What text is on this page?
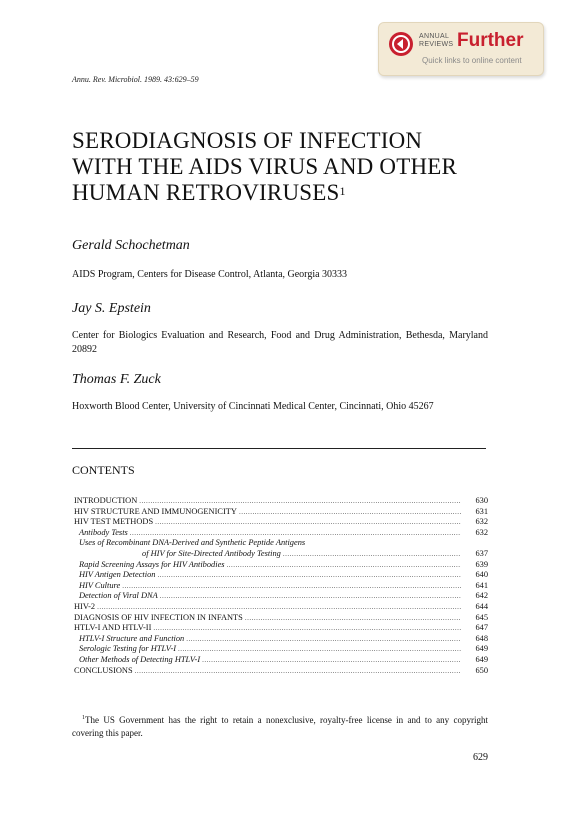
ANNUAL
REVIEWS Further
Quick links to online content
Annu. Rev. Microbiol. 1989. 43:629–59
SERODIAGNOSIS OF INFECTION
WITH THE AIDS VIRUS AND OTHER
HUMAN RETROVIRUSES$^1$
Gerald Schochetman
AIDS Program, Centers for Disease Control, Atlanta, Georgia 30333
Jay S. Epstein
Center for Biologics Evaluation and Research, Food and Drug Administration, Bethesda, Maryland 20892
Thomas F. Zuck
Hoxworth Blood Center, University of Cincinnati Medical Center, Cincinnati, Ohio 45267
CONTENTS
INTRODUCTION .....	630
HIV STRUCTURE AND IMMUNOGENICITY .....	631
HIV TEST METHODS .....	632
Antibody Tests .....	632
Uses of Recombinant DNA-Derived and Synthetic Peptide Antigens
of HIV for Site-Directed Antibody Testing .....	637
Rapid Screening Assays for HIV Antibodies .....	639
HIV Antigen Detection .....	640
HIV Culture .....	641
Detection of Viral DNA .....	642
HIV-2 .....	644
DIAGNOSIS OF HIV INFECTION IN INFANTS .....	645
HTLV-I AND HTLV-II .....	647
HTLV-I Structure and Function .....	648
Serologic Testing for HTLV-I .....	649
Other Methods of Detecting HTLV-I .....	649
CONCLUSIONS .....	650
$^1$The US Government has the right to retain a nonexclusive, royalty-free license in and to any copyright covering this paper.
629
